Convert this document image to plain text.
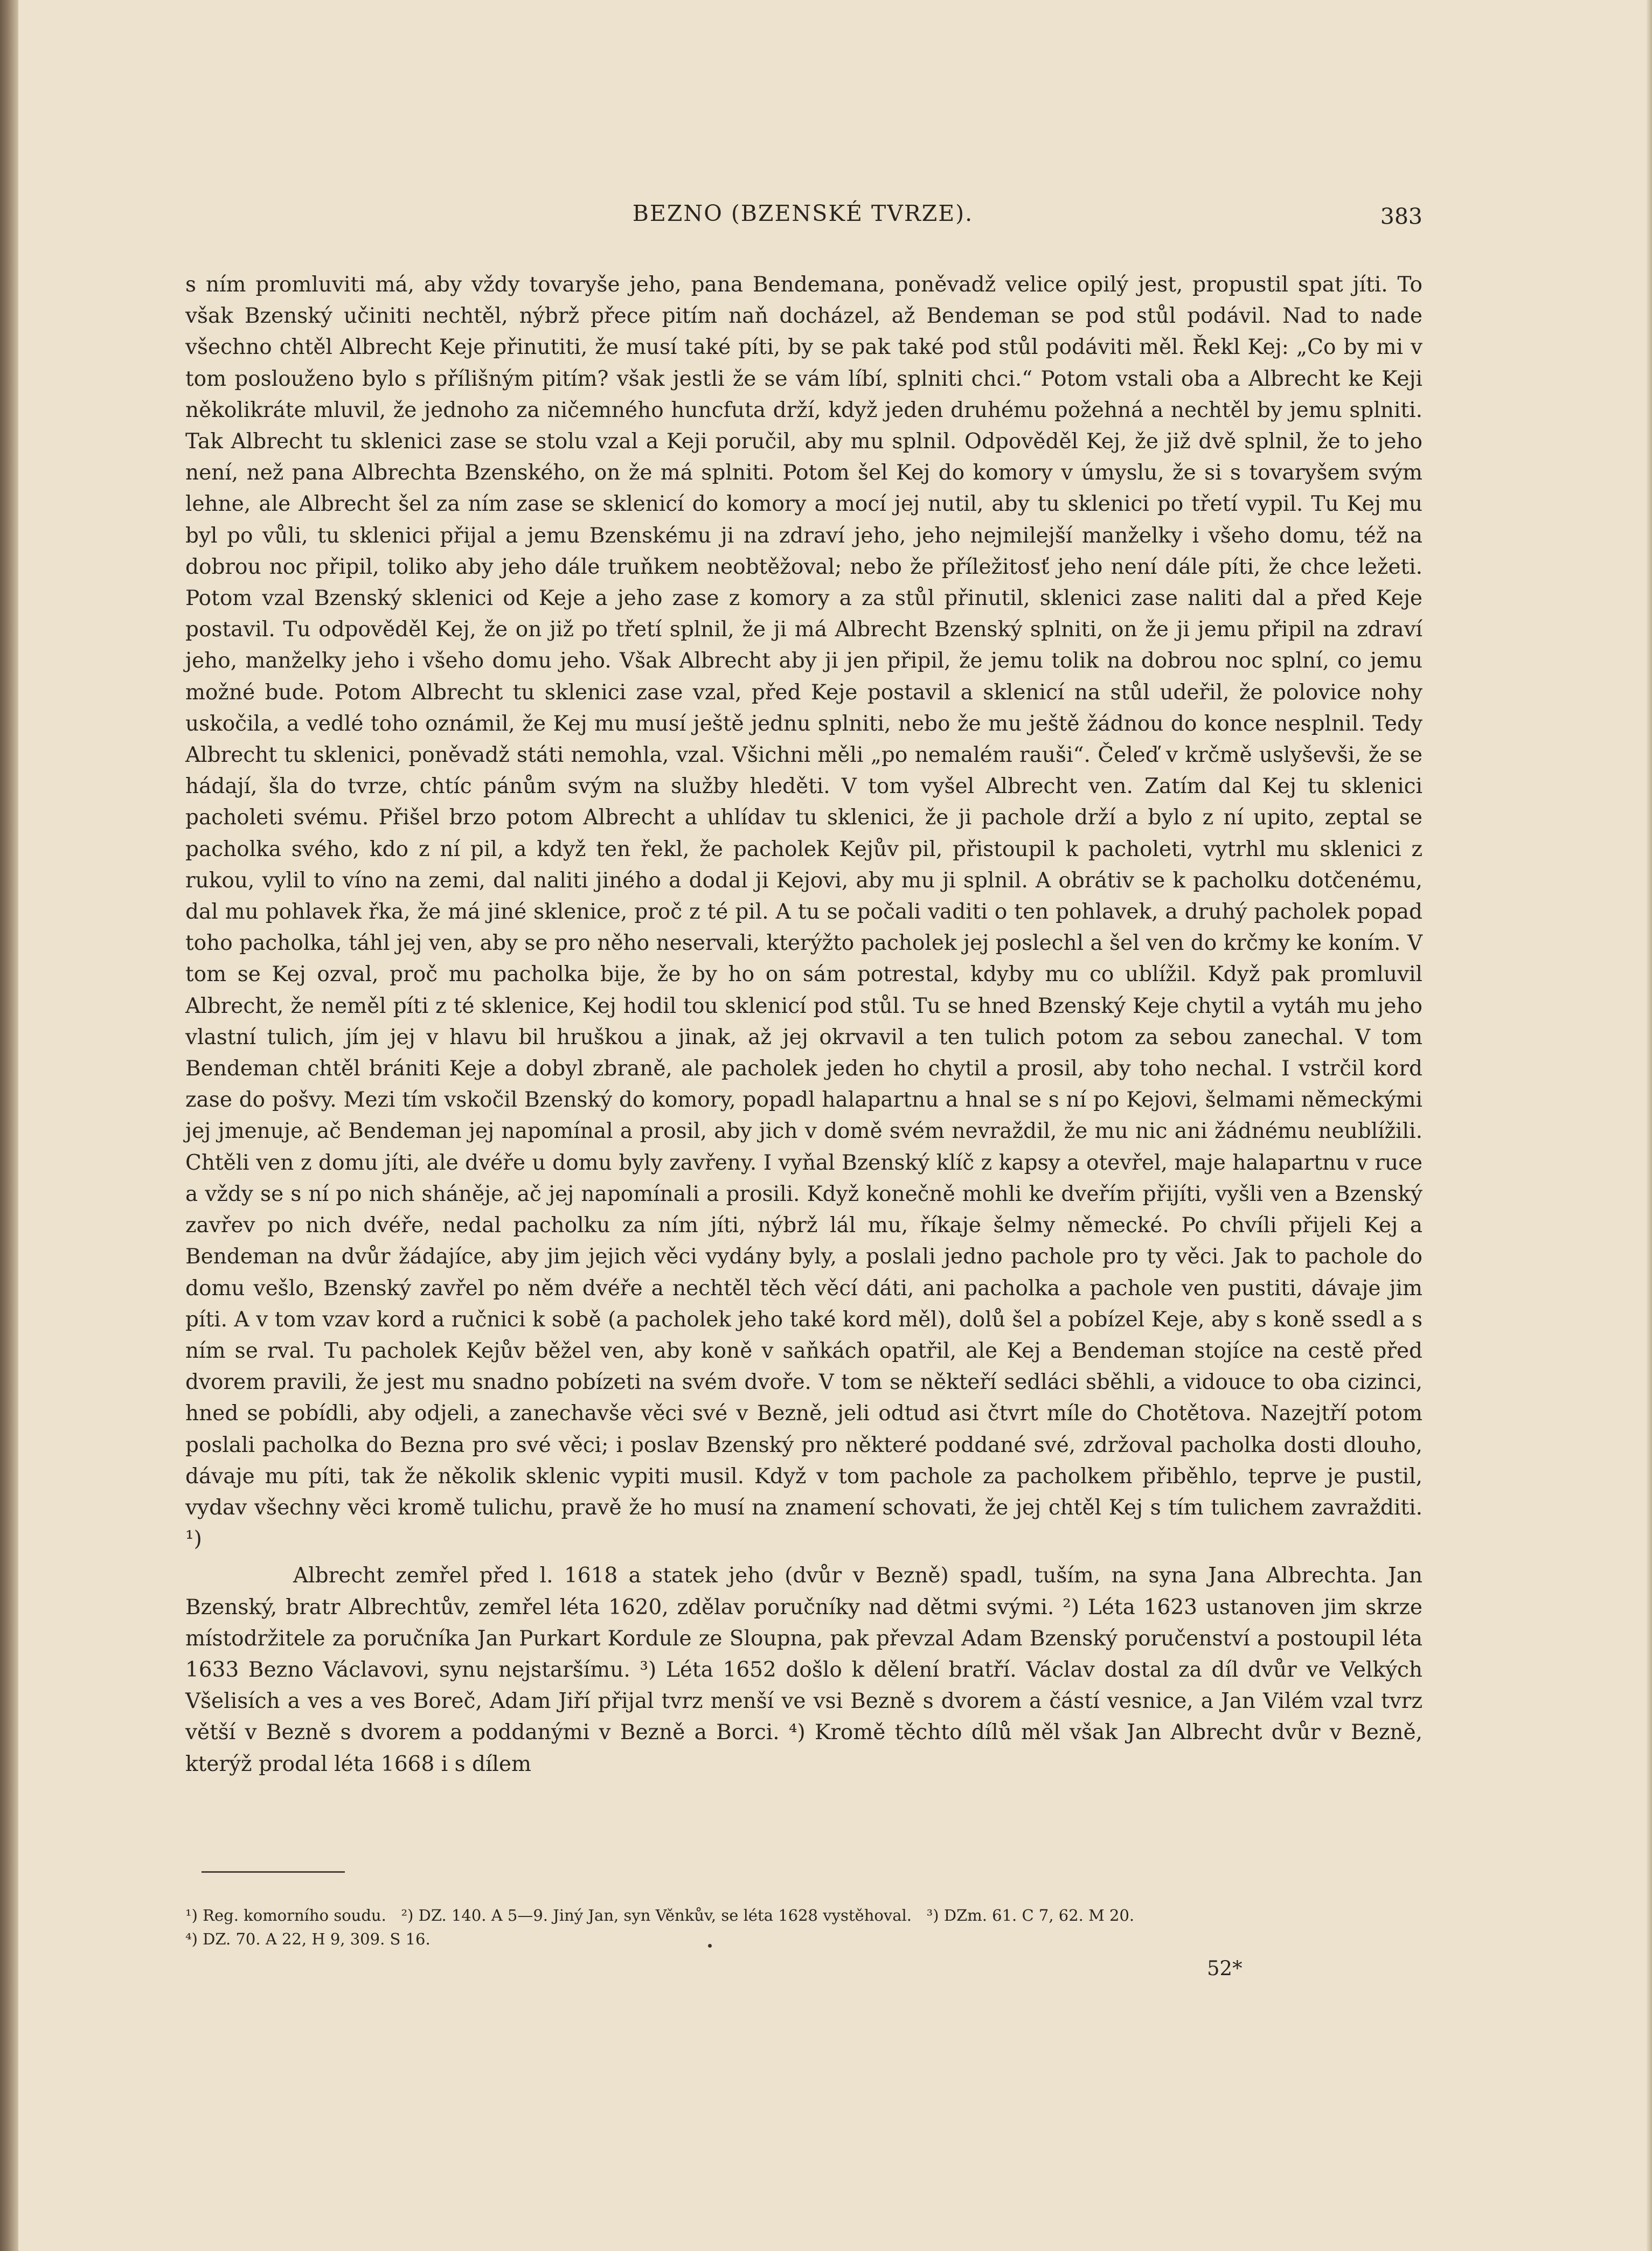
BEZNO (BZENSKÉ TVRZE).	383

s ním promluviti má, aby vždy tovaryše jeho, pana Bendemana, poněvadž velice opilý jest, propustil spat jíti. To však Bzenský učiniti nechtěl, nýbrž přece pitím naň docházel, až Bendeman se pod stůl podávil. Nad to nade všechno chtěl Albrecht Keje přinutiti, že musí také píti, by se pak také pod stůl podáviti měl. Řekl Kej: „Co by mi v tom poslouženo bylo s přílišným pitím? však jestli že se vám líbí, splniti chci.“ Potom vstali oba a Albrecht ke Keji několikráte mluvil, že jednoho za ničemného huncfuta drží, když jeden druhému požehná a nechtěl by jemu splniti. Tak Albrecht tu sklenici zase se stolu vzal a Keji poručil, aby mu splnil. Odpověděl Kej, že již dvě splnil, že to jeho není, než pana Albrechta Bzenského, on že má splniti. Potom šel Kej do komory v úmyslu, že si s tovaryšem svým lehne, ale Albrecht šel za ním zase se sklenicí do komory a mocí jej nutil, aby tu sklenici po třetí vypil. Tu Kej mu byl po vůli, tu sklenici přijal a jemu Bzenskému ji na zdraví jeho, jeho nejmilejší manželky i všeho domu, též na dobrou noc připil, toliko aby jeho dále truňkem neobtěžoval; nebo že příležitosť jeho není dále píti, že chce ležeti. Potom vzal Bzenský sklenici od Keje a jeho zase z komory a za stůl přinutil, sklenici zase naliti dal a před Keje postavil. Tu odpověděl Kej, že on již po třetí splnil, že ji má Albrecht Bzenský splniti, on že ji jemu připil na zdraví jeho, manželky jeho i všeho domu jeho. Však Albrecht aby ji jen připil, že jemu tolik na dobrou noc splní, co jemu možné bude. Potom Albrecht tu sklenici zase vzal, před Keje postavil a sklenicí na stůl udeřil, že polovice nohy uskočila, a vedlé toho oznámil, že Kej mu musí ještě jednu splniti, nebo že mu ještě žádnou do konce nesplnil. Tedy Albrecht tu sklenici, poněvadž státi nemohla, vzal. Všichni měli „po nemalém rauši“. Čeleď v krčmě uslyševši, že se hádají, šla do tvrze, chtíc pánům svým na služby hleděti. V tom vyšel Albrecht ven. Zatím dal Kej tu sklenici pacholeti svému. Přišel brzo potom Albrecht a uhlídav tu sklenici, že ji pachole drží a bylo z ní upito, zeptal se pacholka svého, kdo z ní pil, a když ten řekl, že pacholek Kejův pil, přistoupil k pacholeti, vytrhl mu sklenici z rukou, vylil to víno na zemi, dal naliti jiného a dodal ji Kejovi, aby mu ji splnil. A obrátiv se k pacholku dotčenému, dal mu pohlavek řka, že má jiné sklenice, proč z té pil. A tu se počali vaditi o ten pohlavek, a druhý pacholek popad toho pacholka, táhl jej ven, aby se pro něho neservali, kterýžto pacholek jej poslechl a šel ven do krčmy ke koním. V tom se Kej ozval, proč mu pacholka bije, že by ho on sám potrestal, kdyby mu co ublížil. Když pak promluvil Albrecht, že neměl píti z té sklenice, Kej hodil tou sklenicí pod stůl. Tu se hned Bzenský Keje chytil a vytáh mu jeho vlastní tulich, jím jej v hlavu bil hruškou a jinak, až jej okrvavil a ten tulich potom za sebou zanechal. V tom Bendeman chtěl brániti Keje a dobyl zbraně, ale pacholek jeden ho chytil a prosil, aby toho nechal. I vstrčil kord zase do pošvy. Mezi tím vskočil Bzenský do komory, popadl halapartnu a hnal se s ní po Kejovi, šelmami německými jej jmenuje, ač Bendeman jej napomínal a prosil, aby jich v domě svém nevraždil, že mu nic ani žádnému neublížili. Chtěli ven z domu jíti, ale dvéře u domu byly zavřeny. I vyňal Bzenský klíč z kapsy a otevřel, maje halapartnu v ruce a vždy se s ní po nich sháněje, ač jej napomínali a prosili. Když konečně mohli ke dveřím přijíti, vyšli ven a Bzenský zavřev po nich dvéře, nedal pacholku za ním jíti, nýbrž lál mu, říkaje šelmy německé. Po chvíli přijeli Kej a Bendeman na dvůr žádajíce, aby jim jejich věci vydány byly, a poslali jedno pachole pro ty věci. Jak to pachole do domu vešlo, Bzenský zavřel po něm dvéře a nechtěl těch věcí dáti, ani pacholka a pachole ven pustiti, dávaje jim píti. A v tom vzav kord a ručnici k sobě (a pacholek jeho také kord měl), dolů šel a pobízel Keje, aby s koně ssedl a s ním se rval. Tu pacholek Kejův běžel ven, aby koně v saňkách opatřil, ale Kej a Bendeman stojíce na cestě před dvorem pravili, že jest mu snadno pobízeti na svém dvoře. V tom se někteří sedláci sběhli, a vidouce to oba cizinci, hned se pobídli, aby odjeli, a zanechavše věci své v Bezně, jeli odtud asi čtvrt míle do Chotětova. Nazejtří potom poslali pacholka do Bezna pro své věci; i poslav Bzenský pro některé poddané své, zdržoval pacholka dosti dlouho, dávaje mu píti, tak že několik sklenic vypiti musil. Když v tom pachole za pacholkem přiběhlo, teprve je pustil, vydav všechny věci kromě tulichu, pravě že ho musí na znamení schovati, že jej chtěl Kej s tím tulichem zavražditi. ¹)

Albrecht zemřel před l. 1618 a statek jeho (dvůr v Bezně) spadl, tuším, na syna Jana Albrechta. Jan Bzenský, bratr Albrechtův, zemřel léta 1620, zdělav poručníky nad dětmi svými. ²) Léta 1623 ustanoven jim skrze místodržitele za poručníka Jan Purkart Kordule ze Sloupna, pak převzal Adam Bzenský poručenství a postoupil léta 1633 Bezno Václavovi, synu nejstaršímu. ³) Léta 1652 došlo k dělení bratří. Václav dostal za díl dvůr ve Velkých Všelisích a ves a ves Boreč, Adam Jiří přijal tvrz menší ve vsi Bezně s dvorem a částí vesnice, a Jan Vilém vzal tvrz větší v Bezně s dvorem a poddanými v Bezně a Borci. ⁴) Kromě těchto dílů měl však Jan Albrecht dvůr v Bezně, kterýž prodal léta 1668 i s dílem

¹) Reg. komorního soudu. ²) DZ. 140. A 5—9. Jiný Jan, syn Věnkův, se léta 1628 vystěhoval. ³) DZm. 61. C 7, 62. M 20.
⁴) DZ. 70. A 22, H 9, 309. S 16.
52*
